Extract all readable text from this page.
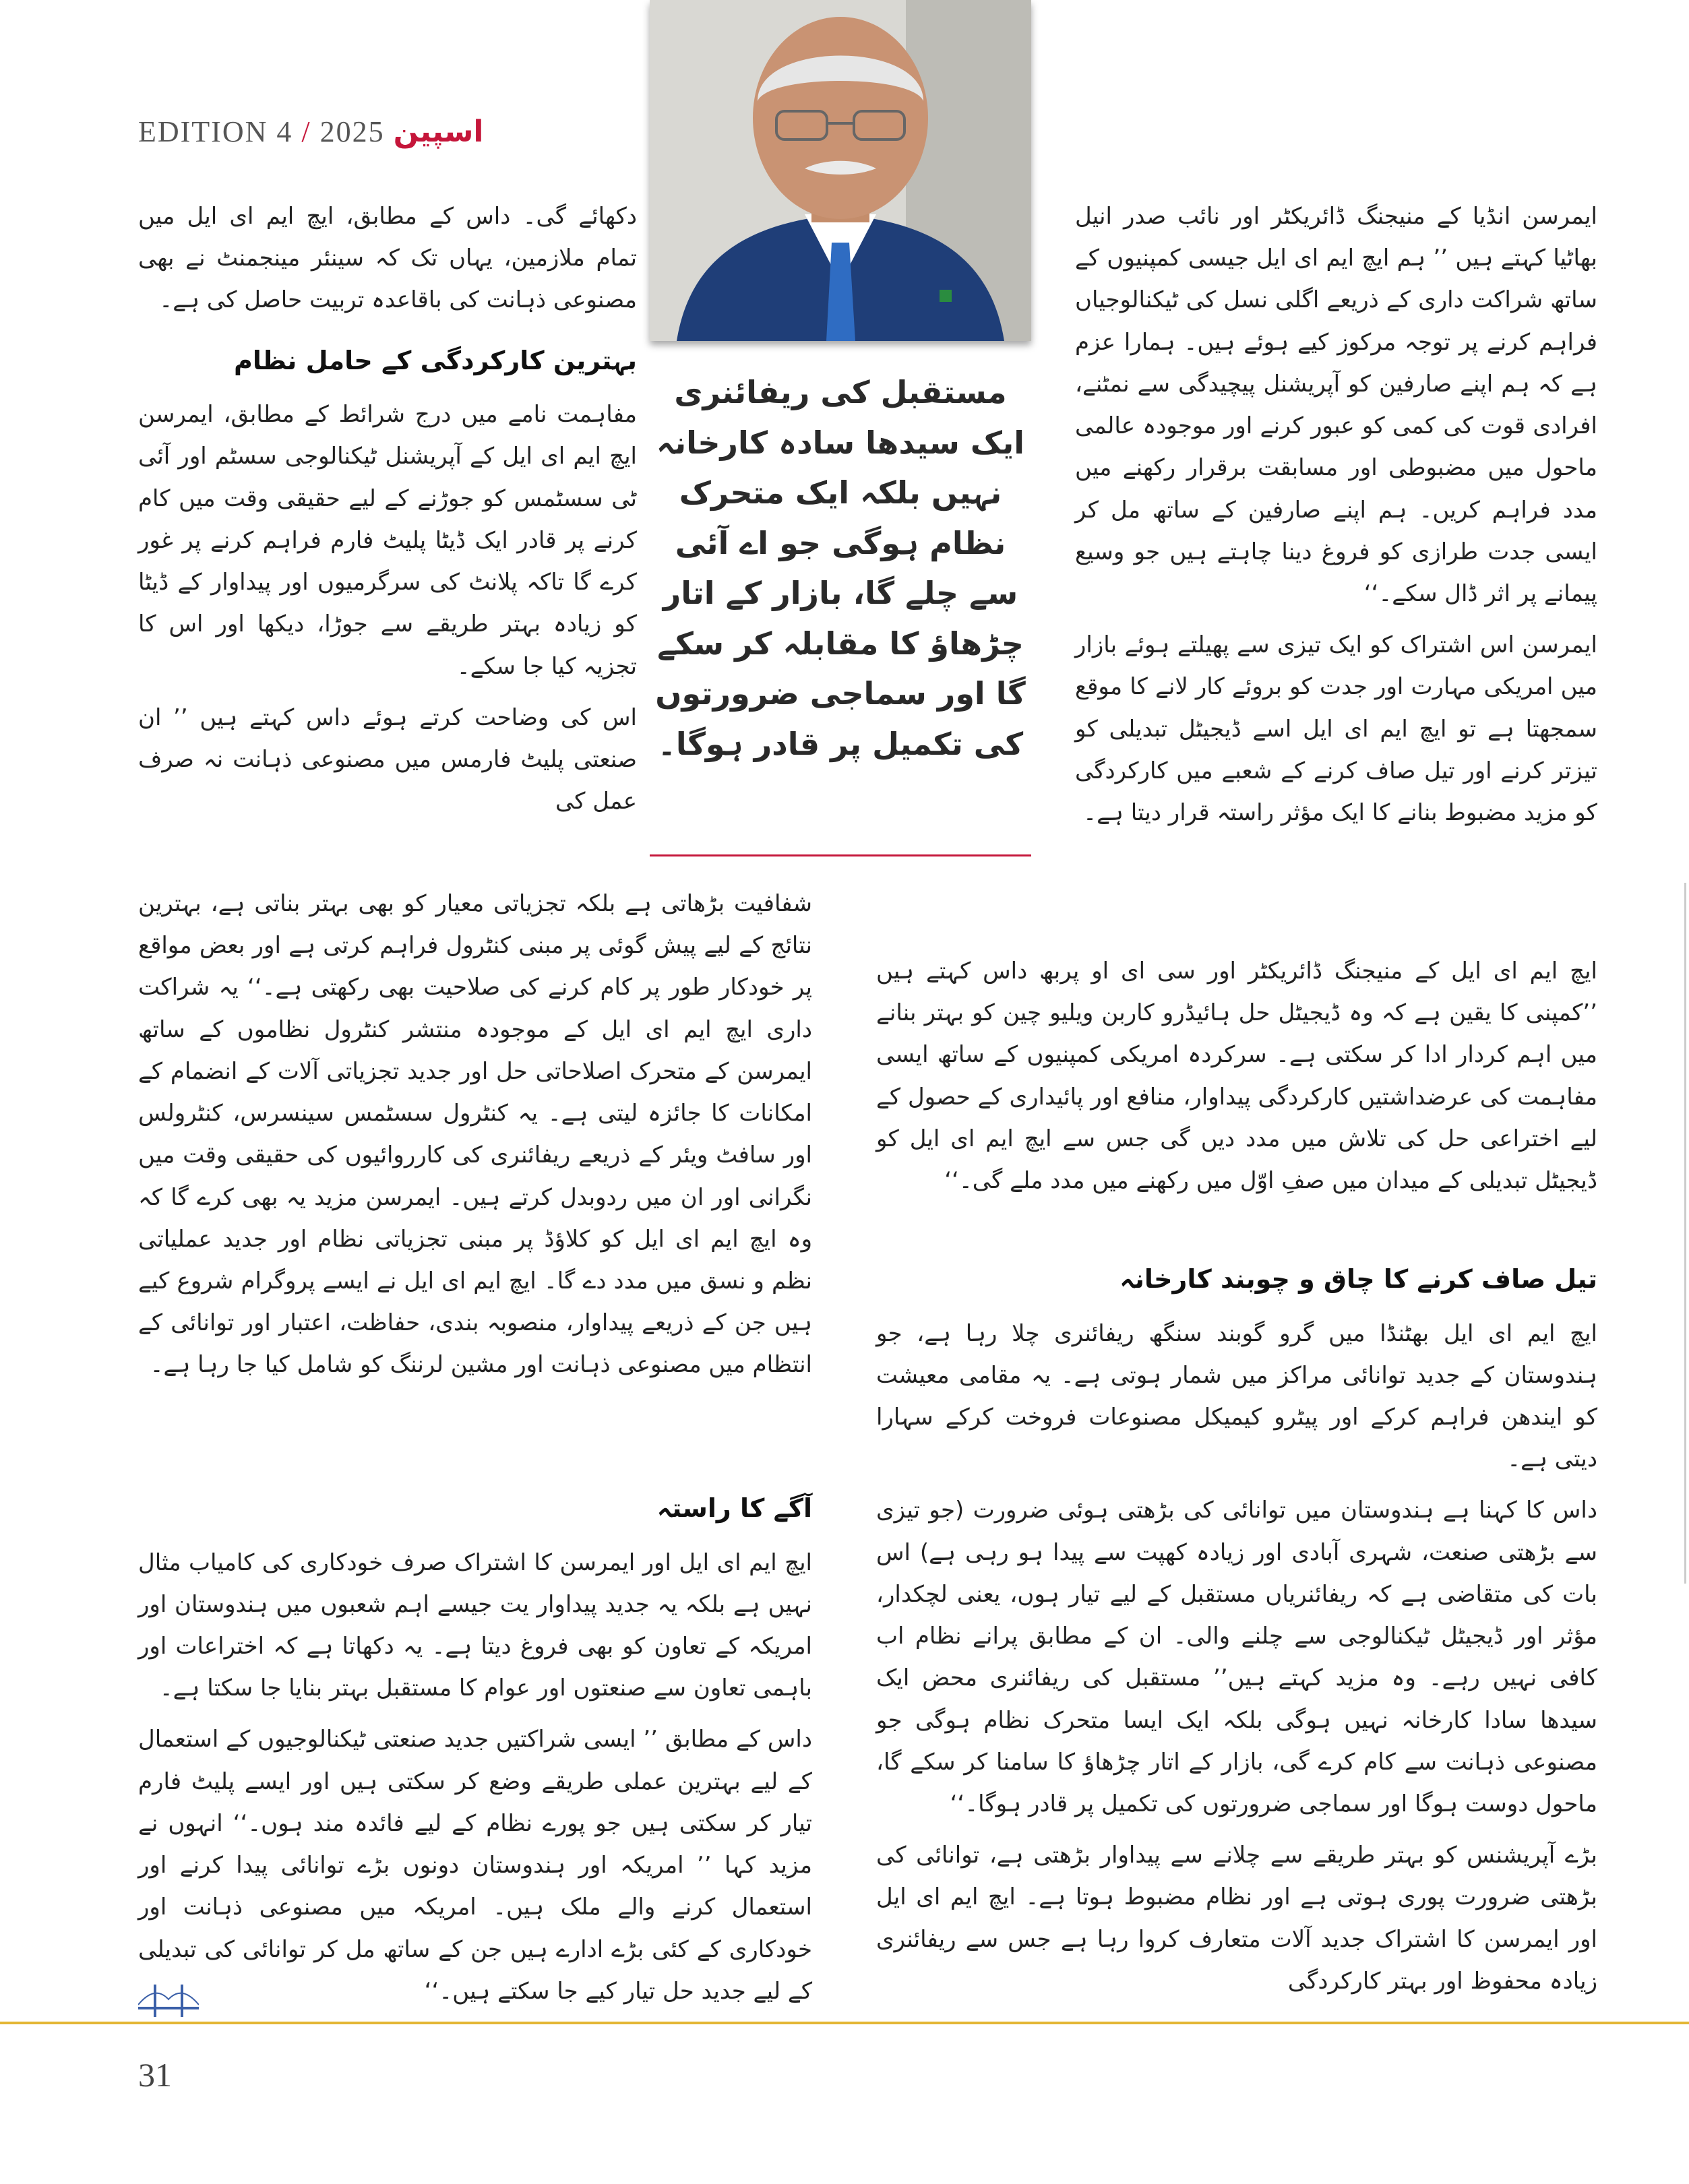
EDITION 4 / 2025 اسپین
مستقبل کی ریفائنری ایک سیدھا سادہ کارخانہ نہیں بلکہ ایک متحرک نظام ہوگی جو اے آئی سے چلے گا، بازار کے اتار چڑھاؤ کا مقابلہ کر سکے گا اور سماجی ضرورتوں کی تکمیل پر قادر ہوگا۔

ایمرسن انڈیا کے منیجنگ ڈائریکٹر اور نائب صدر انیل بھاٹیا کہتے ہیں ’’ ہم ایچ ایم ای ایل جیسی کمپنیوں کے ساتھ شراکت داری کے ذریعے اگلی نسل کی ٹیکنالوجیاں فراہم کرنے پر توجہ مرکوز کیے ہوئے ہیں۔ ہمارا عزم ہے کہ ہم اپنے صارفین کو آپریشنل پیچیدگی سے نمٹنے، افرادی قوت کی کمی کو عبور کرنے اور موجودہ عالمی ماحول میں مضبوطی اور مسابقت برقرار رکھنے میں مدد فراہم کریں۔ ہم اپنے صارفین کے ساتھ مل کر ایسی جدت طرازی کو فروغ دینا چاہتے ہیں جو وسیع پیمانے پر اثر ڈال سکے۔‘‘

ایمرسن اس اشتراک کو ایک تیزی سے پھیلتے ہوئے بازار میں امریکی مہارت اور جدت کو بروئے کار لانے کا موقع سمجھتا ہے تو ایچ ایم ای ایل اسے ڈیجیٹل تبدیلی کو تیزتر کرنے اور تیل صاف کرنے کے شعبے میں کارکردگی کو مزید مضبوط بنانے کا ایک مؤثر راستہ قرار دیتا ہے۔

دکھائے گی۔ داس کے مطابق، ایچ ایم ای ایل میں تمام ملازمین، یہاں تک کہ سینئر مینجمنٹ نے بھی مصنوعی ذہانت کی باقاعدہ تربیت حاصل کی ہے۔

بہترین کارکردگی کے حامل نظام

مفاہمت نامے میں درج شرائط کے مطابق، ایمرسن ایچ ایم ای ایل کے آپریشنل ٹیکنالوجی سسٹم اور آئی ٹی سسٹمس کو جوڑنے کے لیے حقیقی وقت میں کام کرنے پر قادر ایک ڈیٹا پلیٹ فارم فراہم کرنے پر غور کرے گا تاکہ پلانٹ کی سرگرمیوں اور پیداوار کے ڈیٹا کو زیادہ بہتر طریقے سے جوڑا، دیکھا اور اس کا تجزیہ کیا جا سکے۔

اس کی وضاحت کرتے ہوئے داس کہتے ہیں ’’ ان صنعتی پلیٹ فارمس میں مصنوعی ذہانت نہ صرف عمل کی

شفافیت بڑھاتی ہے بلکہ تجزیاتی معیار کو بھی بہتر بناتی ہے، بہترین نتائج کے لیے پیش گوئی پر مبنی کنٹرول فراہم کرتی ہے اور بعض مواقع پر خودکار طور پر کام کرنے کی صلاحیت بھی رکھتی ہے۔‘‘ یہ شراکت داری ایچ ایم ای ایل کے موجودہ منتشر کنٹرول نظاموں کے ساتھ ایمرسن کے متحرک اصلاحاتی حل اور جدید تجزیاتی آلات کے انضمام کے امکانات کا جائزہ لیتی ہے۔ یہ کنٹرول سسٹمس سینسرس، کنٹرولس اور سافٹ ویئر کے ذریعے ریفائنری کی کارروائیوں کی حقیقی وقت میں نگرانی اور ان میں ردوبدل کرتے ہیں۔ ایمرسن مزید یہ بھی کرے گا کہ وہ ایچ ایم ای ایل کو کلاؤڈ پر مبنی تجزیاتی نظام اور جدید عملیاتی نظم و نسق میں مدد دے گا۔ ایچ ایم ای ایل نے ایسے پروگرام شروع کیے ہیں جن کے ذریعے پیداوار، منصوبہ بندی، حفاظت، اعتبار اور توانائی کے انتظام میں مصنوعی ذہانت اور مشین لرننگ کو شامل کیا جا رہا ہے۔

آگے کا راستہ

ایچ ایم ای ایل اور ایمرسن کا اشتراک صرف خودکاری کی کامیاب مثال نہیں ہے بلکہ یہ جدید پیداوار یت جیسے اہم شعبوں میں ہندوستان اور امریکہ کے تعاون کو بھی فروغ دیتا ہے۔ یہ دکھاتا ہے کہ اختراعات اور باہمی تعاون سے صنعتوں اور عوام کا مستقبل بہتر بنایا جا سکتا ہے۔

داس کے مطابق ’’ ایسی شراکتیں جدید صنعتی ٹیکنالوجیوں کے استعمال کے لیے بہترین عملی طریقے وضع کر سکتی ہیں اور ایسے پلیٹ فارم تیار کر سکتی ہیں جو پورے نظام کے لیے فائدہ مند ہوں۔‘‘ انہوں نے مزید کہا ’’ امریکہ اور ہندوستان دونوں بڑے توانائی پیدا کرنے اور استعمال کرنے والے ملک ہیں۔ امریکہ میں مصنوعی ذہانت اور خودکاری کے کئی بڑے ادارے ہیں جن کے ساتھ مل کر توانائی کی تبدیلی کے لیے جدید حل تیار کیے جا سکتے ہیں۔‘‘

ایچ ایم ای ایل کے منیجنگ ڈائریکٹر اور سی ای او پربھ داس کہتے ہیں ’’کمپنی کا یقین ہے کہ وہ ڈیجیٹل حل ہائیڈرو کاربن ویلیو چین کو بہتر بنانے میں اہم کردار ادا کر سکتی ہے۔ سرکردہ امریکی کمپنیوں کے ساتھ ایسی مفاہمت کی عرضداشتیں کارکردگی پیداوار، منافع اور پائیداری کے حصول کے لیے اختراعی حل کی تلاش میں مدد دیں گی جس سے ایچ ایم ای ایل کو ڈیجیٹل تبدیلی کے میدان میں صفِ اوّل میں رکھنے میں مدد ملے گی۔‘‘

تیل صاف کرنے کا چاق و چوبند کارخانہ

ایچ ایم ای ایل بھٹنڈا میں گرو گوبند سنگھ ریفائنری چلا رہا ہے، جو ہندوستان کے جدید توانائی مراکز میں شمار ہوتی ہے۔ یہ مقامی معیشت کو ایندھن فراہم کرکے اور پیٹرو کیمیکل مصنوعات فروخت کرکے سہارا دیتی ہے۔

داس کا کہنا ہے ہندوستان میں توانائی کی بڑھتی ہوئی ضرورت (جو تیزی سے بڑھتی صنعت، شہری آبادی اور زیادہ کھپت سے پیدا ہو رہی ہے) اس بات کی متقاضی ہے کہ ریفائنریاں مستقبل کے لیے تیار ہوں، یعنی لچکدار، مؤثر اور ڈیجیٹل ٹیکنالوجی سے چلنے والی۔ ان کے مطابق پرانے نظام اب کافی نہیں رہے۔ وہ مزید کہتے ہیں’’ مستقبل کی ریفائنری محض ایک سیدھا سادا کارخانہ نہیں ہوگی بلکہ ایک ایسا متحرک نظام ہوگی جو مصنوعی ذہانت سے کام کرے گی، بازار کے اتار چڑھاؤ کا سامنا کر سکے گا، ماحول دوست ہوگا اور سماجی ضرورتوں کی تکمیل پر قادر ہوگا۔‘‘

بڑے آپریشنس کو بہتر طریقے سے چلانے سے پیداوار بڑھتی ہے، توانائی کی بڑھتی ضرورت پوری ہوتی ہے اور نظام مضبوط ہوتا ہے۔ ایچ ایم ای ایل اور ایمرسن کا اشتراک جدید آلات متعارف کروا رہا ہے جس سے ریفائنری زیادہ محفوظ اور بہتر کارکردگی

31
